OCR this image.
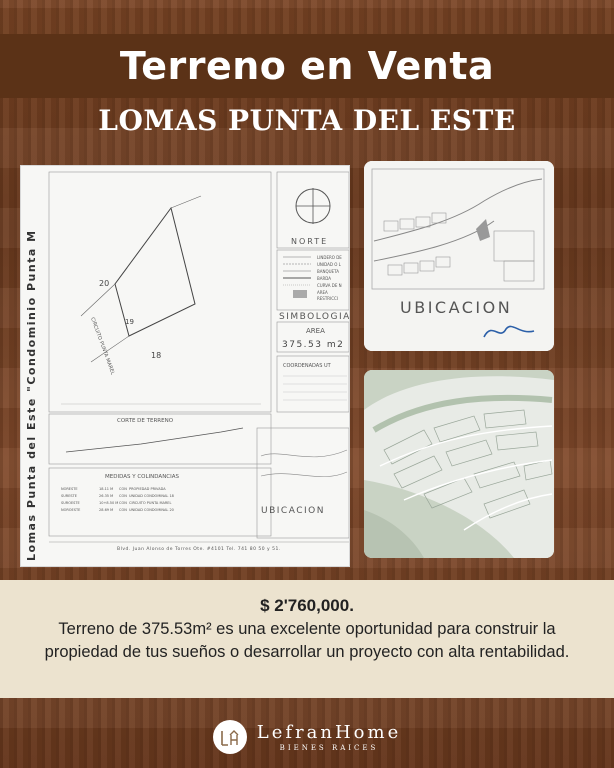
Terreno en Venta
LOMAS PUNTA DEL ESTE
Lomas Punta del Este "Condominio Punta M	20
19
18
CIRCUITO PUNTA MAREL
NORTE
LINDERO DE
UNIDAD O L
BANQUETA
BARDA
CURVA DE N
AREA
RESTRICCI
SIMBOLOGIA
AREA
375.53 m2
COORDENADAS UT
CORTE DE TERRENO
MEDIDAS Y COLINDANCIAS
NORESTE	18.11 M CON PROPIEDAD PRIVADA
SURESTE	26.35 M CON UNIDAD CONDOMINAL 18
SUROESTE	10+8.50 M CON CIRCUITO PUNTA MAREL
NOROESTE	28.69 M CON UNIDAD CONDOMINAL 20	UBICACION
Blvd. Juan Alonso de Torres Ote. #4101 Tel. 741 80 50 y 51.
UBICACION
$ 2'760,000.
Terreno de 375.53m² es una excelente oportunidad para construir la propiedad de tus sueños o desarrollar un proyecto con alta rentabilidad.
LefranHome
BIENES RAICES
